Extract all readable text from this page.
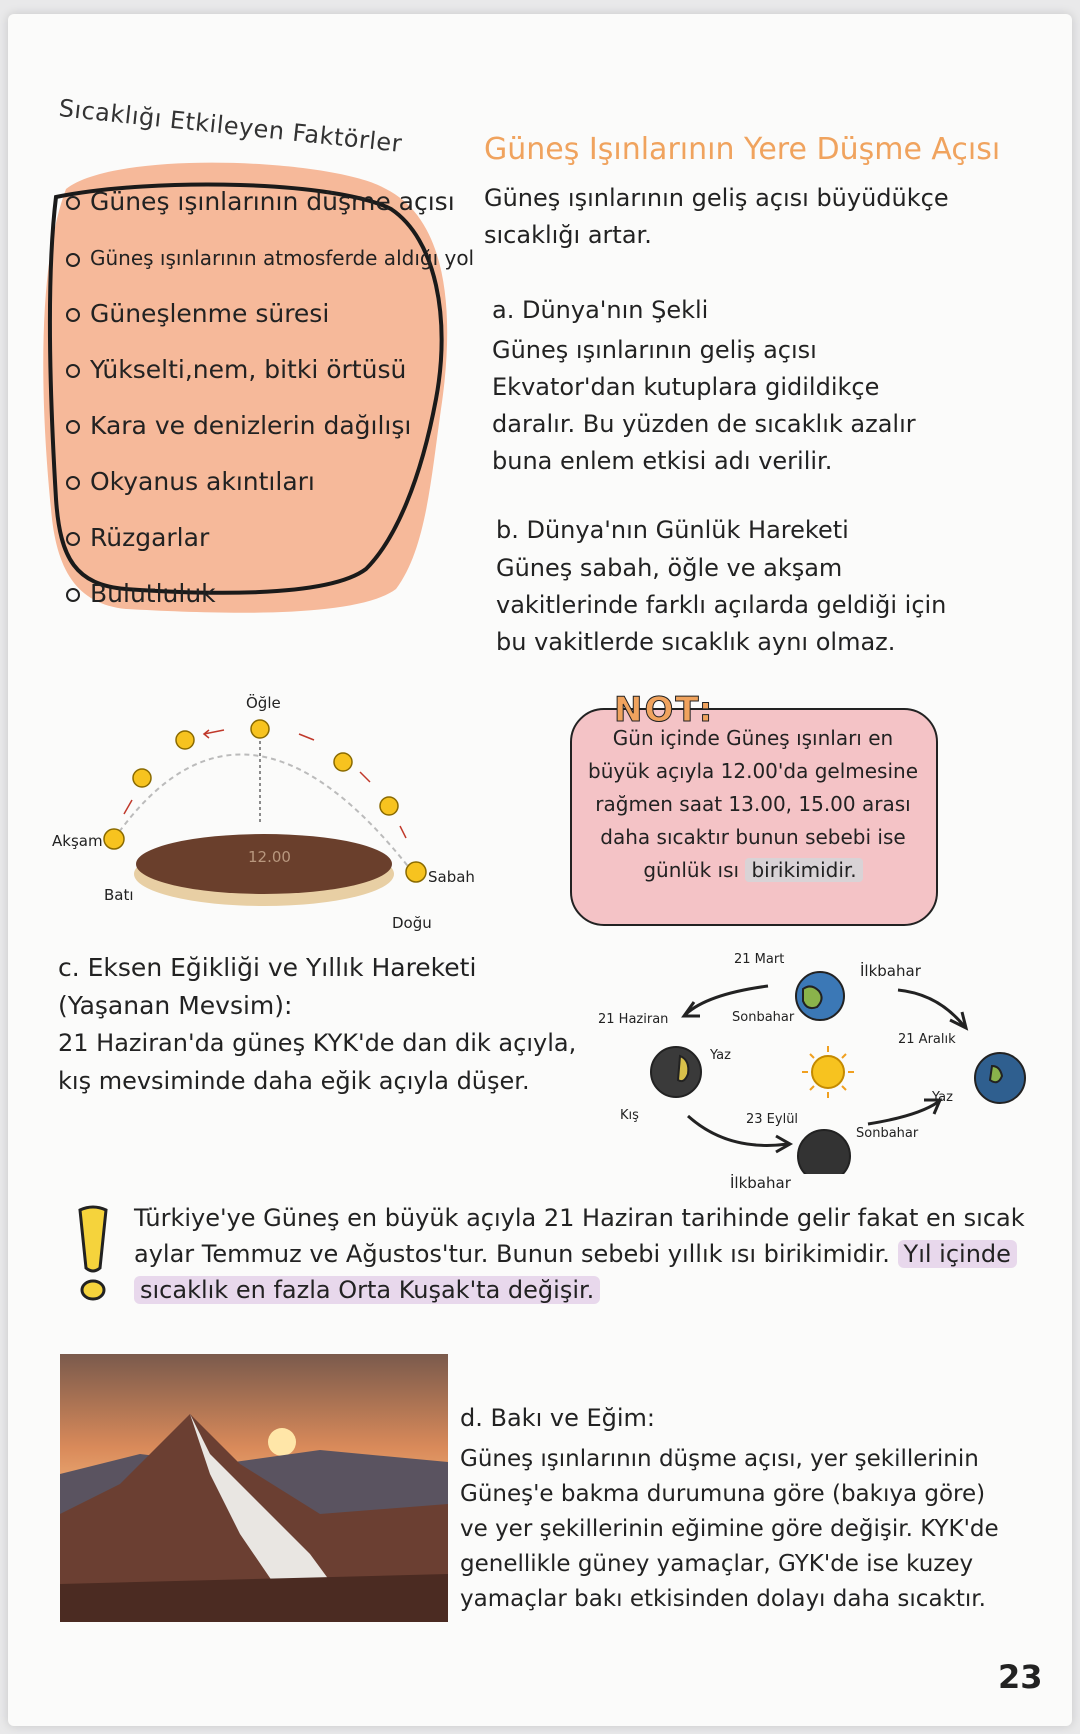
Sıcaklığı Etkileyen Faktörler
Güneş ışınlarının düşme açısı
Güneş ışınlarının atmosferde aldığı yol
Güneşlenme süresi
Yükselti,nem, bitki örtüsü
Kara ve denizlerin dağılışı
Okyanus akıntıları
Rüzgarlar
Bulutluluk
Güneş Işınlarının Yere Düşme Açısı
Güneş ışınlarının geliş açısı büyüdükçe sıcaklığı artar.
a. Dünya'nın Şekli
Güneş ışınlarının geliş açısı Ekvator'dan kutuplara gidildikçe daralır. Bu yüzden de sıcaklık azalır buna enlem etkisi adı verilir.
b. Dünya'nın Günlük Hareketi
Güneş sabah, öğle ve akşam vakitlerinde farklı açılarda geldiği için bu vakitlerde sıcaklık aynı olmaz.
Öğle
Akşam
Sabah
Batı
Doğu
12.00
NOT:
Gün içinde Güneş ışınları en büyük açıyla 12.00'da gelmesine rağmen saat 13.00, 15.00 arası daha sıcaktır bunun sebebi ise günlük ısı birikimidir.
c. Eksen Eğikliği ve Yıllık Hareketi (Yaşanan Mevsim):
21 Haziran'da güneş KYK'de dan dik açıyla, kış mevsiminde daha eğik açıyla düşer.
21 Mart
İlkbahar
21 Haziran	Sonbahar
21 Aralık
Yaz
Kış
Yaz
23 Eylül
Sonbahar
İlkbahar
Türkiye'ye Güneş en büyük açıyla 21 Haziran tarihinde gelir fakat en sıcak aylar Temmuz ve Ağustos'tur. Bunun sebebi yıllık ısı birikimidir. Yıl içinde sıcaklık en fazla Orta Kuşak'ta değişir.
d. Bakı ve Eğim:
Güneş ışınlarının düşme açısı, yer şekillerinin Güneş'e bakma durumuna göre (bakıya göre) ve yer şekillerinin eğimine göre değişir. KYK'de genellikle güney yamaçlar, GYK'de ise kuzey yamaçlar bakı etkisinden dolayı daha sıcaktır.
23
